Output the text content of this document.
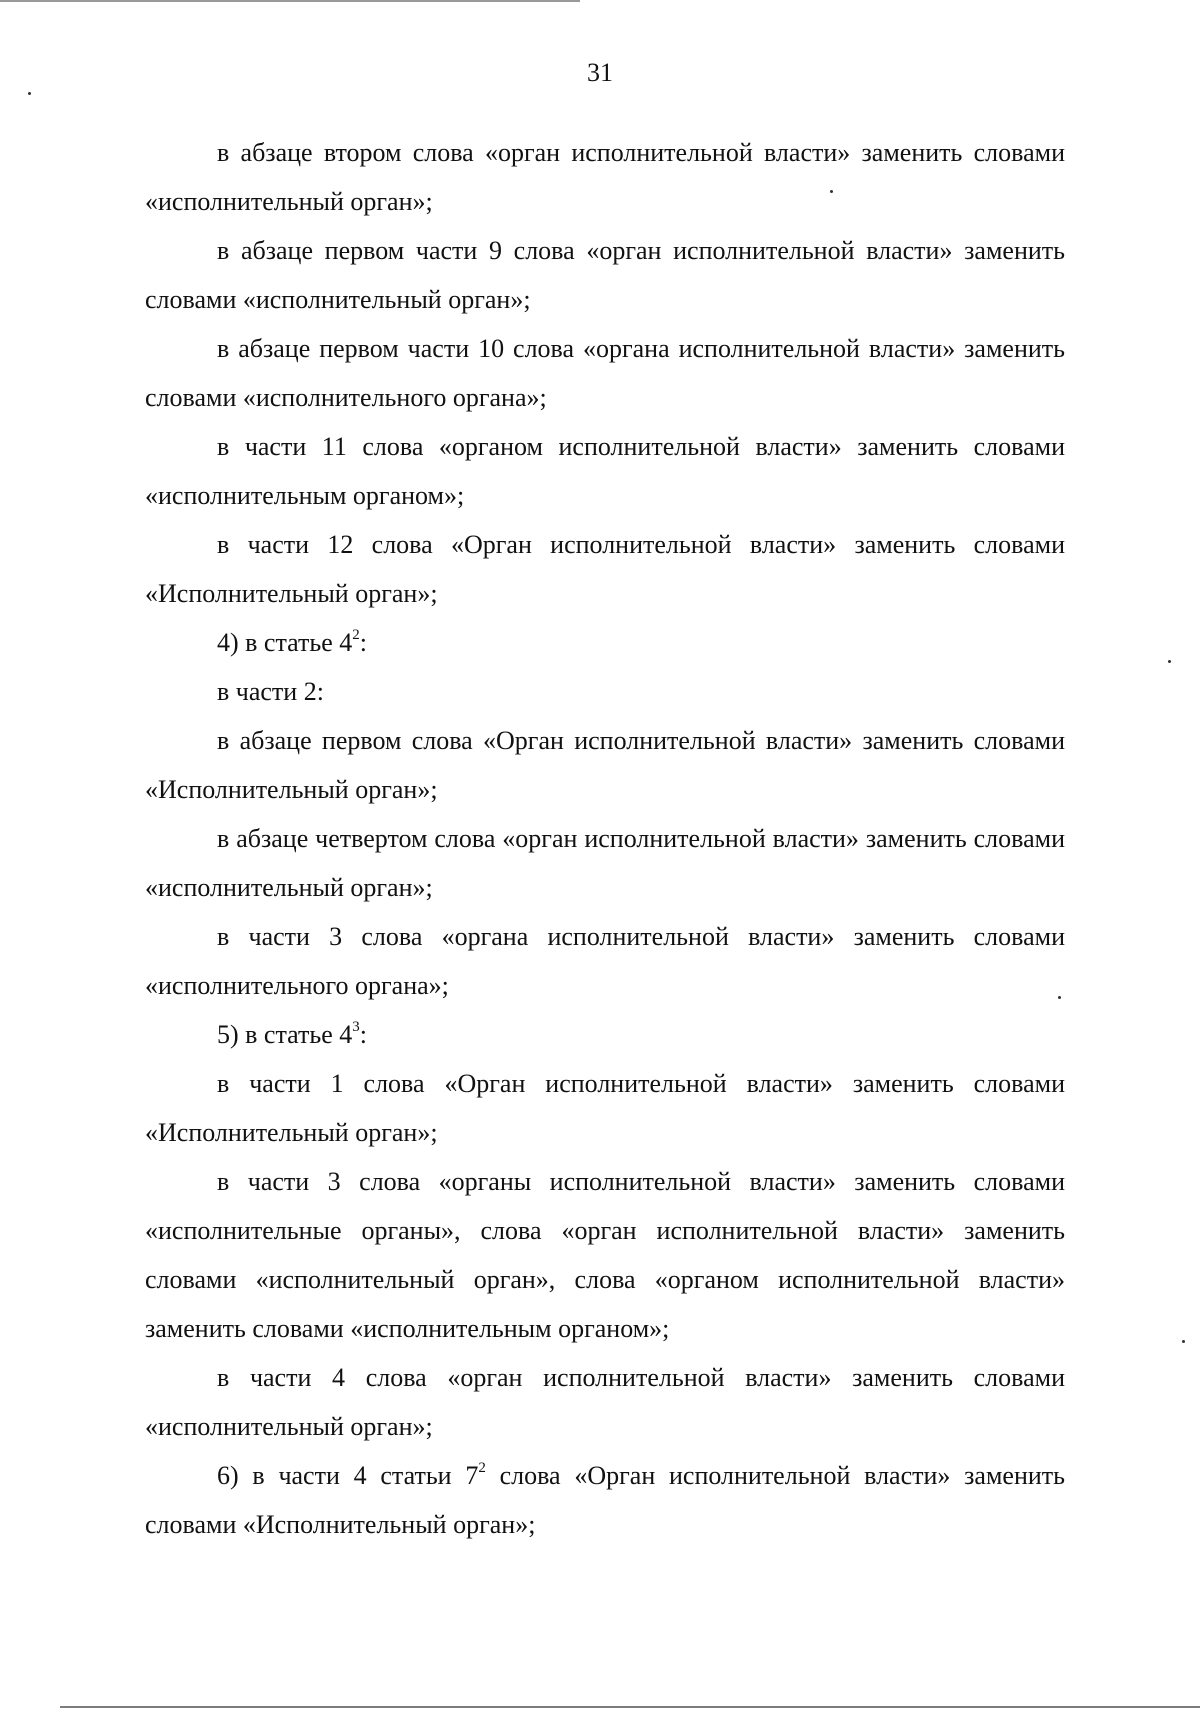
31

в абзаце втором слова «орган исполнительной власти» заменить словами «исполнительный орган»;

в абзаце первом части 9 слова «орган исполнительной власти» заменить словами «исполнительный орган»;

в абзаце первом части 10 слова «органа исполнительной власти» заменить словами «исполнительного органа»;

в части 11 слова «органом исполнительной власти» заменить словами «исполнительным органом»;

в части 12 слова «Орган исполнительной власти» заменить словами «Исполнительный орган»;

4) в статье $4^2$:

в части 2:

в абзаце первом слова «Орган исполнительной власти» заменить словами «Исполнительный орган»;

в абзаце четвертом слова «орган исполнительной власти» заменить словами «исполнительный орган»;

в части 3 слова «органа исполнительной власти» заменить словами «исполнительного органа»;

5) в статье $4^3$:

в части 1 слова «Орган исполнительной власти» заменить словами «Исполнительный орган»;

в части 3 слова «органы исполнительной власти» заменить словами «исполнительные органы», слова «орган исполнительной власти» заменить словами «исполнительный орган», слова «органом исполнительной власти» заменить словами «исполнительным органом»;

в части 4 слова «орган исполнительной власти» заменить словами «исполнительный орган»;

6) в части 4 статьи $7^2$ слова «Орган исполнительной власти» заменить словами «Исполнительный орган»;
